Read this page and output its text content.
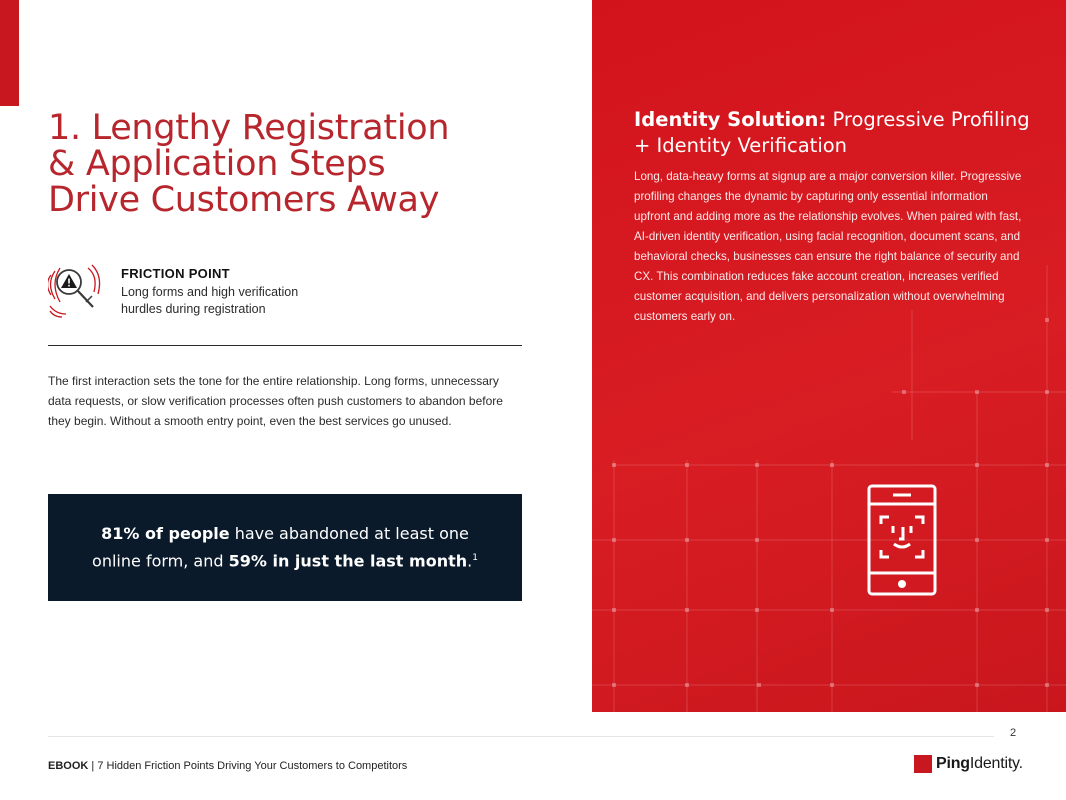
1. Lengthy Registration
& Application Steps
Drive Customers Away
FRICTION POINT
Long forms and high verification
hurdles during registration

The first interaction sets the tone for the entire relationship. Long forms, unnecessary data requests, or slow verification processes often push customers to abandon before they begin. Without a smooth entry point, even the best services go unused.

81% of people have abandoned at least one online form, and 59% in just the last month.$^1$

Identity Solution: Progressive Profiling + Identity Verification

Long, data-heavy forms at signup are a major conversion killer. Progressive profiling changes the dynamic by capturing only essential information upfront and adding more as the relationship evolves. When paired with fast, AI-driven identity verification, using facial recognition, document scans, and behavioral checks, businesses can ensure the right balance of security and CX. This combination reduces fake account creation, increases verified customer acquisition, and delivers personalization without overwhelming customers early on.

2
EBOOK | 7 Hidden Friction Points Driving Your Customers to Competitors	PingIdentity.
